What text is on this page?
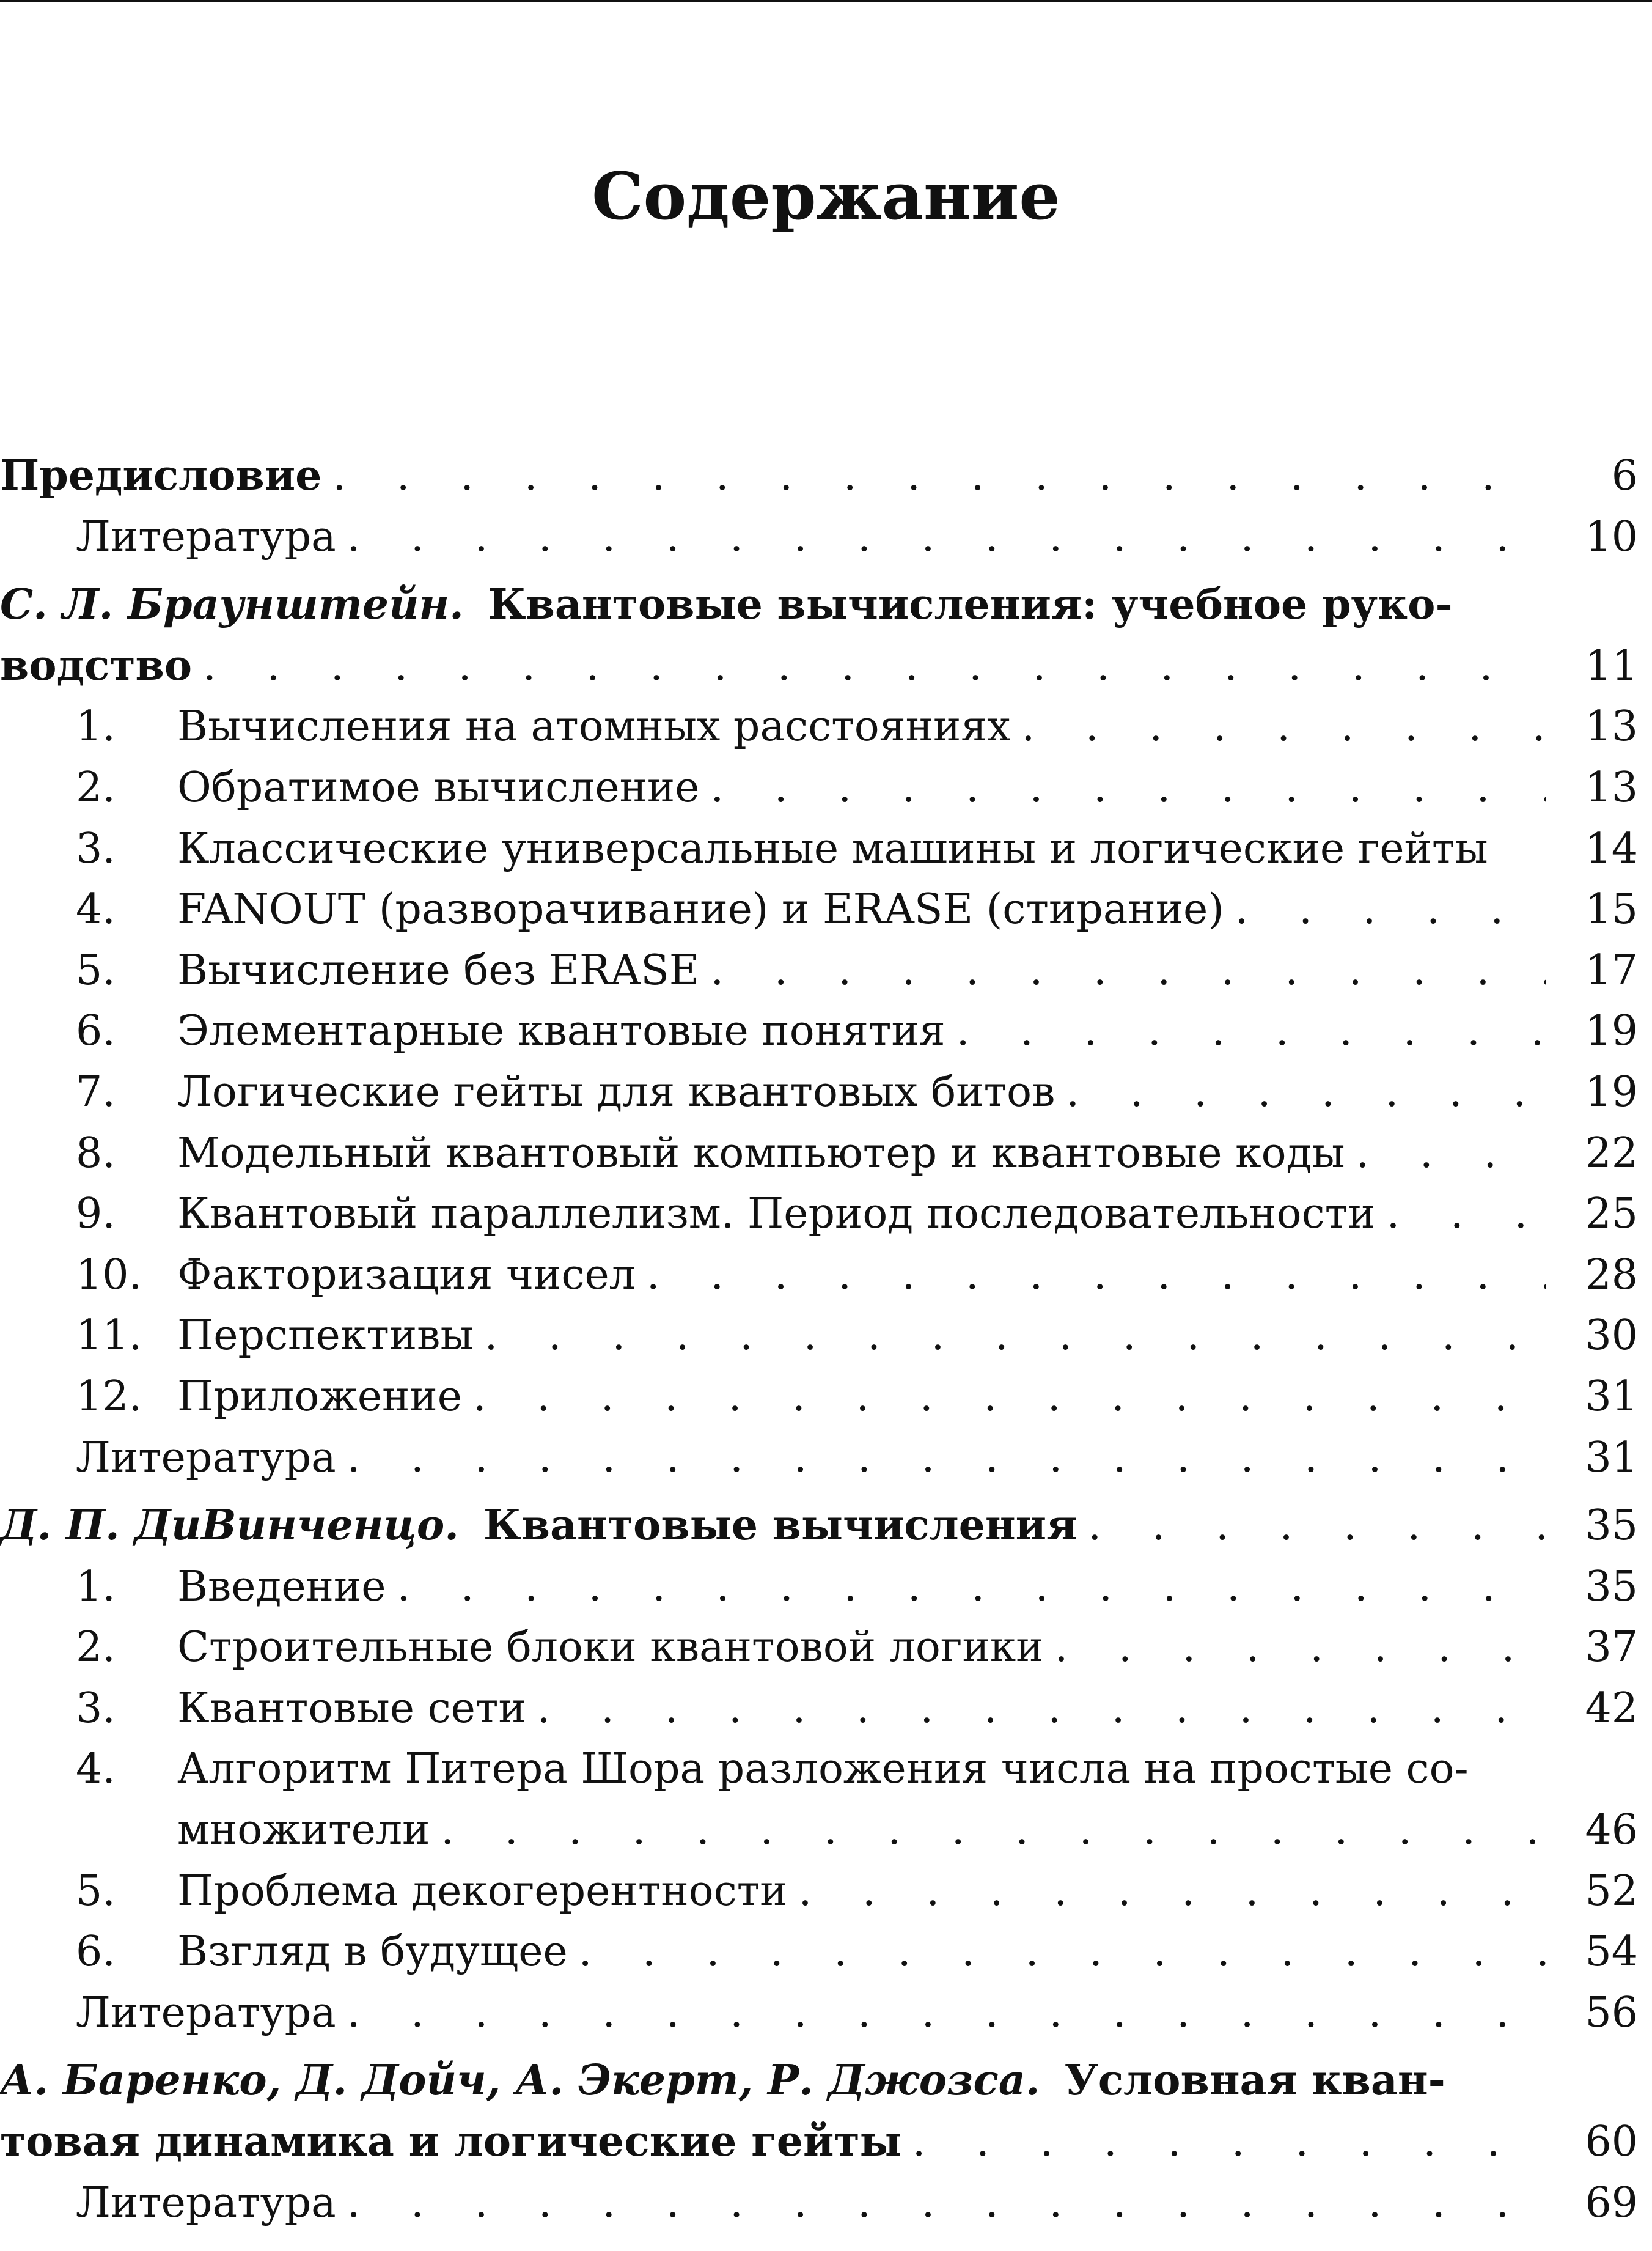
Содержание
Предисловие . . .	6
Литература . . .	10
С. Л. Браунштейн. Квантовые вычисления: учебное руко-
водство . . .	11
1.	Вычисления на атомных расстояниях . . .	13
2.	Обратимое вычисление . . .	13
3.	Классические универсальные машины и логические гейты	14
4.	FANOUT (разворачивание) и ERASE (стирание) . . .	15
5.	Вычисление без ERASE . . .	17
6.	Элементарные квантовые понятия . . .	19
7.	Логические гейты для квантовых битов . . .	19
8.	Модельный квантовый компьютер и квантовые коды . . .	22
9.	Квантовый параллелизм. Период последовательности . . .	25
10. Факторизация чисел . . .	28
11. Перспективы . . .	30
12. Приложение . . .	31
Литература . . .	31
Д. П. ДиВинченцо. Квантовые вычисления . . .	35
1.	Введение . . .	35
2.	Строительные блоки квантовой логики . . .	37
3.	Квантовые сети . . .	42
4.	Алгоритм Питера Шора разложения числа на простые со-
множители . . .	46
5.	Проблема декогерентности . . .	52
6.	Взгляд в будущее . . .	54
Литература . . .	56
А. Баренко, Д. Дойч, А. Экерт, Р. Джозса. Условная кван-
товая динамика и логические гейты . . .	60
Литература . . .	69
